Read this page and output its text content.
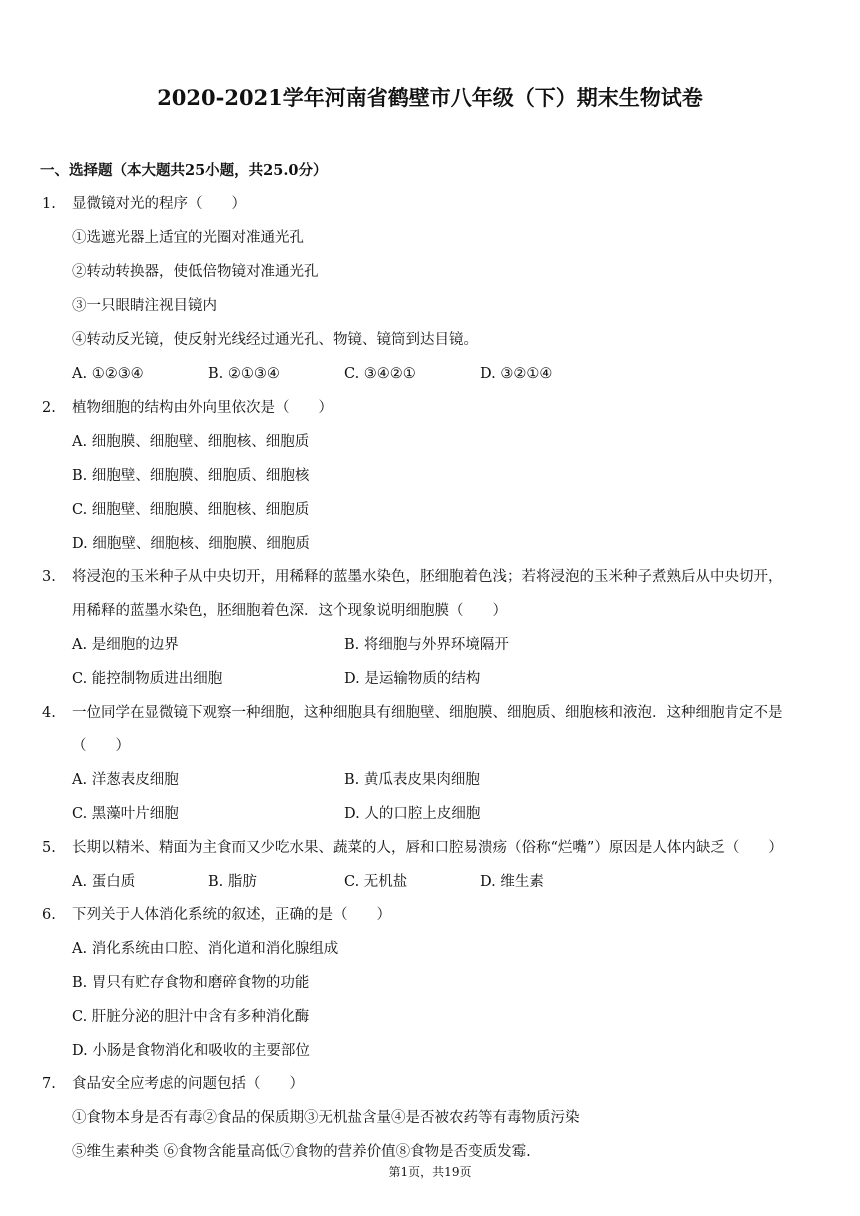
2020-2021学年河南省鹤壁市八年级（下）期末生物试卷
一、选择题（本大题共25小题，共25.0分）
1. 显微镜对光的程序（　　）
①选遮光器上适宜的光圈对准通光孔
②转动转换器，使低倍物镜对准通光孔
③一只眼睛注视目镜内
④转动反光镜，使反射光线经过通光孔、物镜、镜筒到达目镜。
A. ①②③④	B. ②①③④	C. ③④②①	D. ③②①④
2. 植物细胞的结构由外向里依次是（　　）
A. 细胞膜、细胞壁、细胞核、细胞质
B. 细胞壁、细胞膜、细胞质、细胞核
C. 细胞壁、细胞膜、细胞核、细胞质
D. 细胞壁、细胞核、细胞膜、细胞质
3. 将浸泡的玉米种子从中央切开，用稀释的蓝墨水染色，胚细胞着色浅；若将浸泡的玉米种子煮熟后从中央切开，
用稀释的蓝墨水染色，胚细胞着色深．这个现象说明细胞膜（　　）
A. 是细胞的边界	B. 将细胞与外界环境隔开
C. 能控制物质进出细胞	D. 是运输物质的结构
4. 一位同学在显微镜下观察一种细胞，这种细胞具有细胞壁、细胞膜、细胞质、细胞核和液泡．这种细胞肯定不是
（　　）
A. 洋葱表皮细胞	B. 黄瓜表皮果肉细胞
C. 黑藻叶片细胞	D. 人的口腔上皮细胞
5. 长期以精米、精面为主食而又少吃水果、蔬菜的人，唇和口腔易溃疡（俗称“烂嘴”）原因是人体内缺乏（　　）
A. 蛋白质	B. 脂肪	C. 无机盐	D. 维生素
6. 下列关于人体消化系统的叙述，正确的是（　　）
A. 消化系统由口腔、消化道和消化腺组成
B. 胃只有贮存食物和磨碎食物的功能
C. 肝脏分泌的胆汁中含有多种消化酶
D. 小肠是食物消化和吸收的主要部位
7. 食品安全应考虑的问题包括（　　）
①食物本身是否有毒②食品的保质期③无机盐含量④是否被农药等有毒物质污染
⑤维生素种类 ⑥食物含能量高低⑦食物的营养价值⑧食物是否变质发霉.
第1页，共19页
